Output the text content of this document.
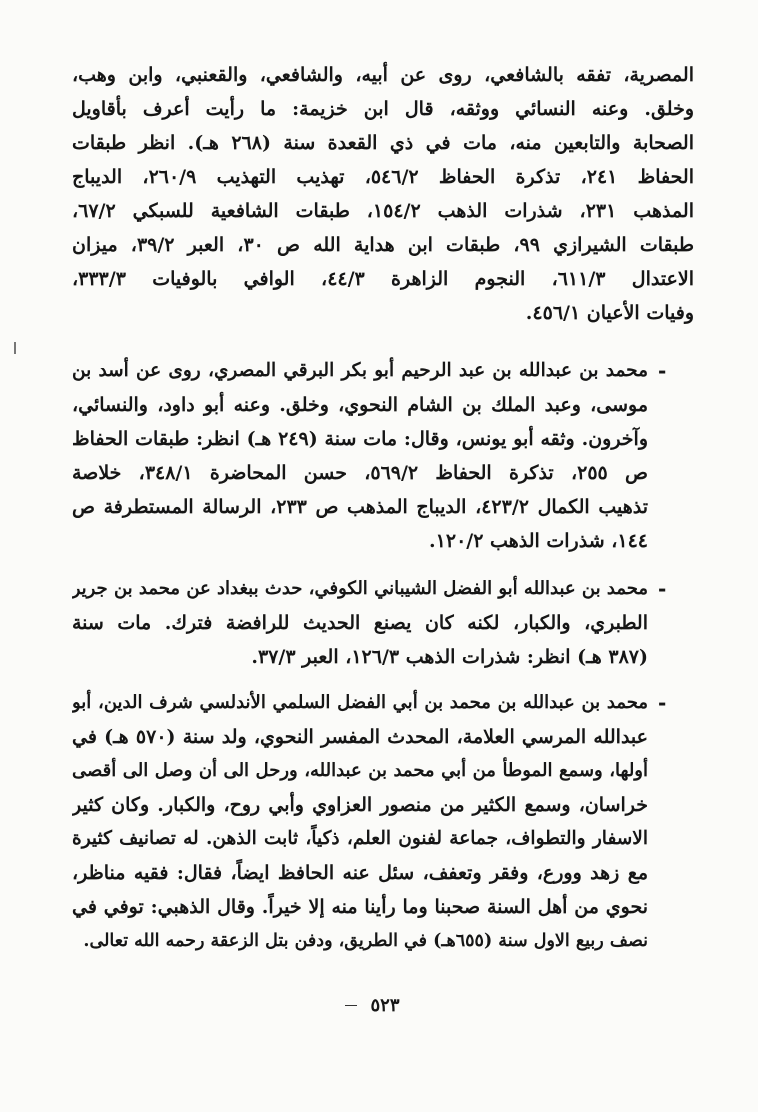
المصرية، تفقه بالشافعي، روى عن أبيه، والشافعي، والقعنبي، وابن وهب،
وخلق. وعنه النسائي ووثقه، قال ابن خزيمة: ما رأيت أعرف بأقاويل
الصحابة والتابعين منه، مات في ذي القعدة سنة (٢٦٨ هـ). انظر طبقات
الحفاظ ٢٤١، تذكرة الحفاظ ٥٤٦/٢، تهذيب التهذيب ٢٦٠/٩، الديباج
المذهب ٢٣١، شذرات الذهب ١٥٤/٢، طبقات الشافعية للسبكي ٦٧/٢،
طبقات الشيرازي ٩٩، طبقات ابن هداية الله ص ٣٠، العبر ٣٩/٢، ميزان
الاعتدال ٦١١/٣، النجوم الزاهرة ٤٤/٣، الوافي بالوفيات ٣٣٣/٣،
وفيات الأعيان ٤٥٦/١.
-
محمد بن عبدالله بن عبد الرحيم أبو بكر البرقي المصري، روى عن أسد بن
موسى، وعبد الملك بن الشام النحوي، وخلق. وعنه أبو داود، والنسائي،
وآخرون. وثقه أبو يونس، وقال: مات سنة (٢٤٩ هـ) انظر: طبقات الحفاظ
ص ٢٥٥، تذكرة الحفاظ ٥٦٩/٢، حسن المحاضرة ٣٤٨/١، خلاصة
تذهيب الكمال ٤٢٣/٢، الديباج المذهب ص ٢٣٣، الرسالة المستطرفة ص
١٤٤، شذرات الذهب ١٢٠/٢.
-
محمد بن عبدالله أبو الفضل الشيباني الكوفي، حدث ببغداد عن محمد بن جرير
الطبري، والكبار، لكنه كان يصنع الحديث للرافضة فترك. مات سنة
(٣٨٧ هـ) انظر: شذرات الذهب ١٢٦/٣، العبر ٣٧/٣.
-
محمد بن عبدالله بن محمد بن أبي الفضل السلمي الأندلسي شرف الدين، أبو
عبدالله المرسي العلامة، المحدث المفسر النحوي، ولد سنة (٥٧٠ هـ) في
أولها، وسمع الموطأ من أبي محمد بن عبدالله، ورحل الى أن وصل الى أقصى
خراسان، وسمع الكثير من منصور العزاوي وأبي روح، والكبار. وكان كثير
الاسفار والتطواف، جماعة لفنون العلم، ذكياً، ثابت الذهن. له تصانيف كثيرة
مع زهد وورع، وفقر وتعفف، سئل عنه الحافظ ايضاً، فقال: فقيه مناظر،
نحوي من أهل السنة صحبنا وما رأينا منه إلا خيراً. وقال الذهبي: توفي في
نصف ربيع الاول سنة (٦٥٥هـ) في الطريق، ودفن بتل الزعقة رحمه الله تعالى.
٥٢٣
